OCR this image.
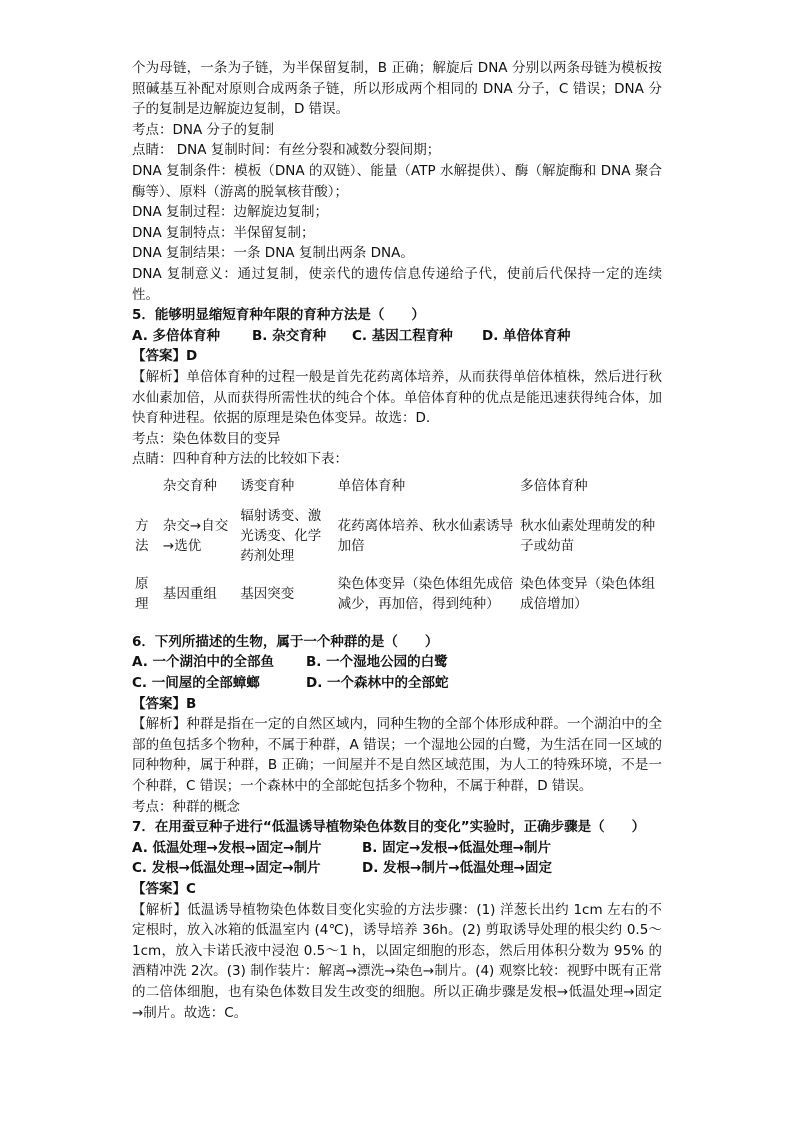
个为母链，一条为子链，为半保留复制，B 正确；解旋后 DNA 分别以两条母链为模板按照碱基互补配对原则合成两条子链，所以形成两个相同的 DNA 分子，C 错误；DNA 分子的复制是边解旋边复制，D 错误。

考点：DNA 分子的复制

点睛： DNA 复制时间：有丝分裂和减数分裂间期；

DNA 复制条件：模板（DNA 的双链）、能量（ATP 水解提供）、酶（解旋酶和 DNA 聚合酶等）、原料（游离的脱氧核苷酸）；

DNA 复制过程：边解旋边复制；

DNA 复制特点：半保留复制；

DNA 复制结果：一条 DNA 复制出两条 DNA。

DNA 复制意义：通过复制，使亲代的遗传信息传递给子代，使前后代保持一定的连续性。

5．能够明显缩短育种年限的育种方法是（　　）

A. 多倍体育种	B. 杂交育种	C. 基因工程育种	D. 单倍体育种

【答案】D

【解析】单倍体育种的过程一般是首先花药离体培养，从而获得单倍体植株，然后进行秋水仙素加倍，从而获得所需性状的纯合个体。单倍体育种的优点是能迅速获得纯合体，加快育种进程。依据的原理是染色体变异。故选：D.

考点：染色体数目的变异

点睛：四种育种方法的比较如下表：

	杂交育种	诱变育种	单倍体育种	多倍体育种
方法	杂交→自交→选优	辐射诱变、激光诱变、化学药剂处理	花药离体培养、秋水仙素诱导加倍	秋水仙素处理萌发的种子或幼苗
原理	基因重组	基因突变	染色体变异（染色体组先成倍减少，再加倍，得到纯种）	染色体变异（染色体组成倍增加）

6．下列所描述的生物，属于一个种群的是（　　）

A. 一个湖泊中的全部鱼	B. 一个湿地公园的白鹭
C. 一间屋的全部蟑螂	D. 一个森林中的全部蛇

【答案】B

【解析】种群是指在一定的自然区域内，同种生物的全部个体形成种群。一个湖泊中的全部的鱼包括多个物种，不属于种群，A 错误；一个湿地公园的白鹭，为生活在同一区域的同种物种，属于种群，B 正确；一间屋并不是自然区域范围，为人工的特殊环境，不是一个种群，C 错误；一个森林中的全部蛇包括多个物种，不属于种群，D 错误。

考点：种群的概念

7．在用蚕豆种子进行“低温诱导植物染色体数目的变化”实验时，正确步骤是（　　）

A. 低温处理→发根→固定→制片	B. 固定→发根→低温处理→制片
C. 发根→低温处理→固定→制片	D. 发根→制片→低温处理→固定

【答案】C

【解析】低温诱导植物染色体数目变化实验的方法步骤：(1) 洋葱长出约 1cm 左右的不定根时，放入冰箱的低温室内 (4℃)，诱导培养 36h。(2) 剪取诱导处理的根尖约 0.5～1cm，放入卡诺氏液中浸泡 0.5～1 h，以固定细胞的形态，然后用体积分数为 95% 的酒精冲洗 2次。(3) 制作装片：解离→漂洗→染色→制片。(4) 观察比较：视野中既有正常的二倍体细胞，也有染色体数目发生改变的细胞。所以正确步骤是发根→低温处理→固定→制片。故选：C。
